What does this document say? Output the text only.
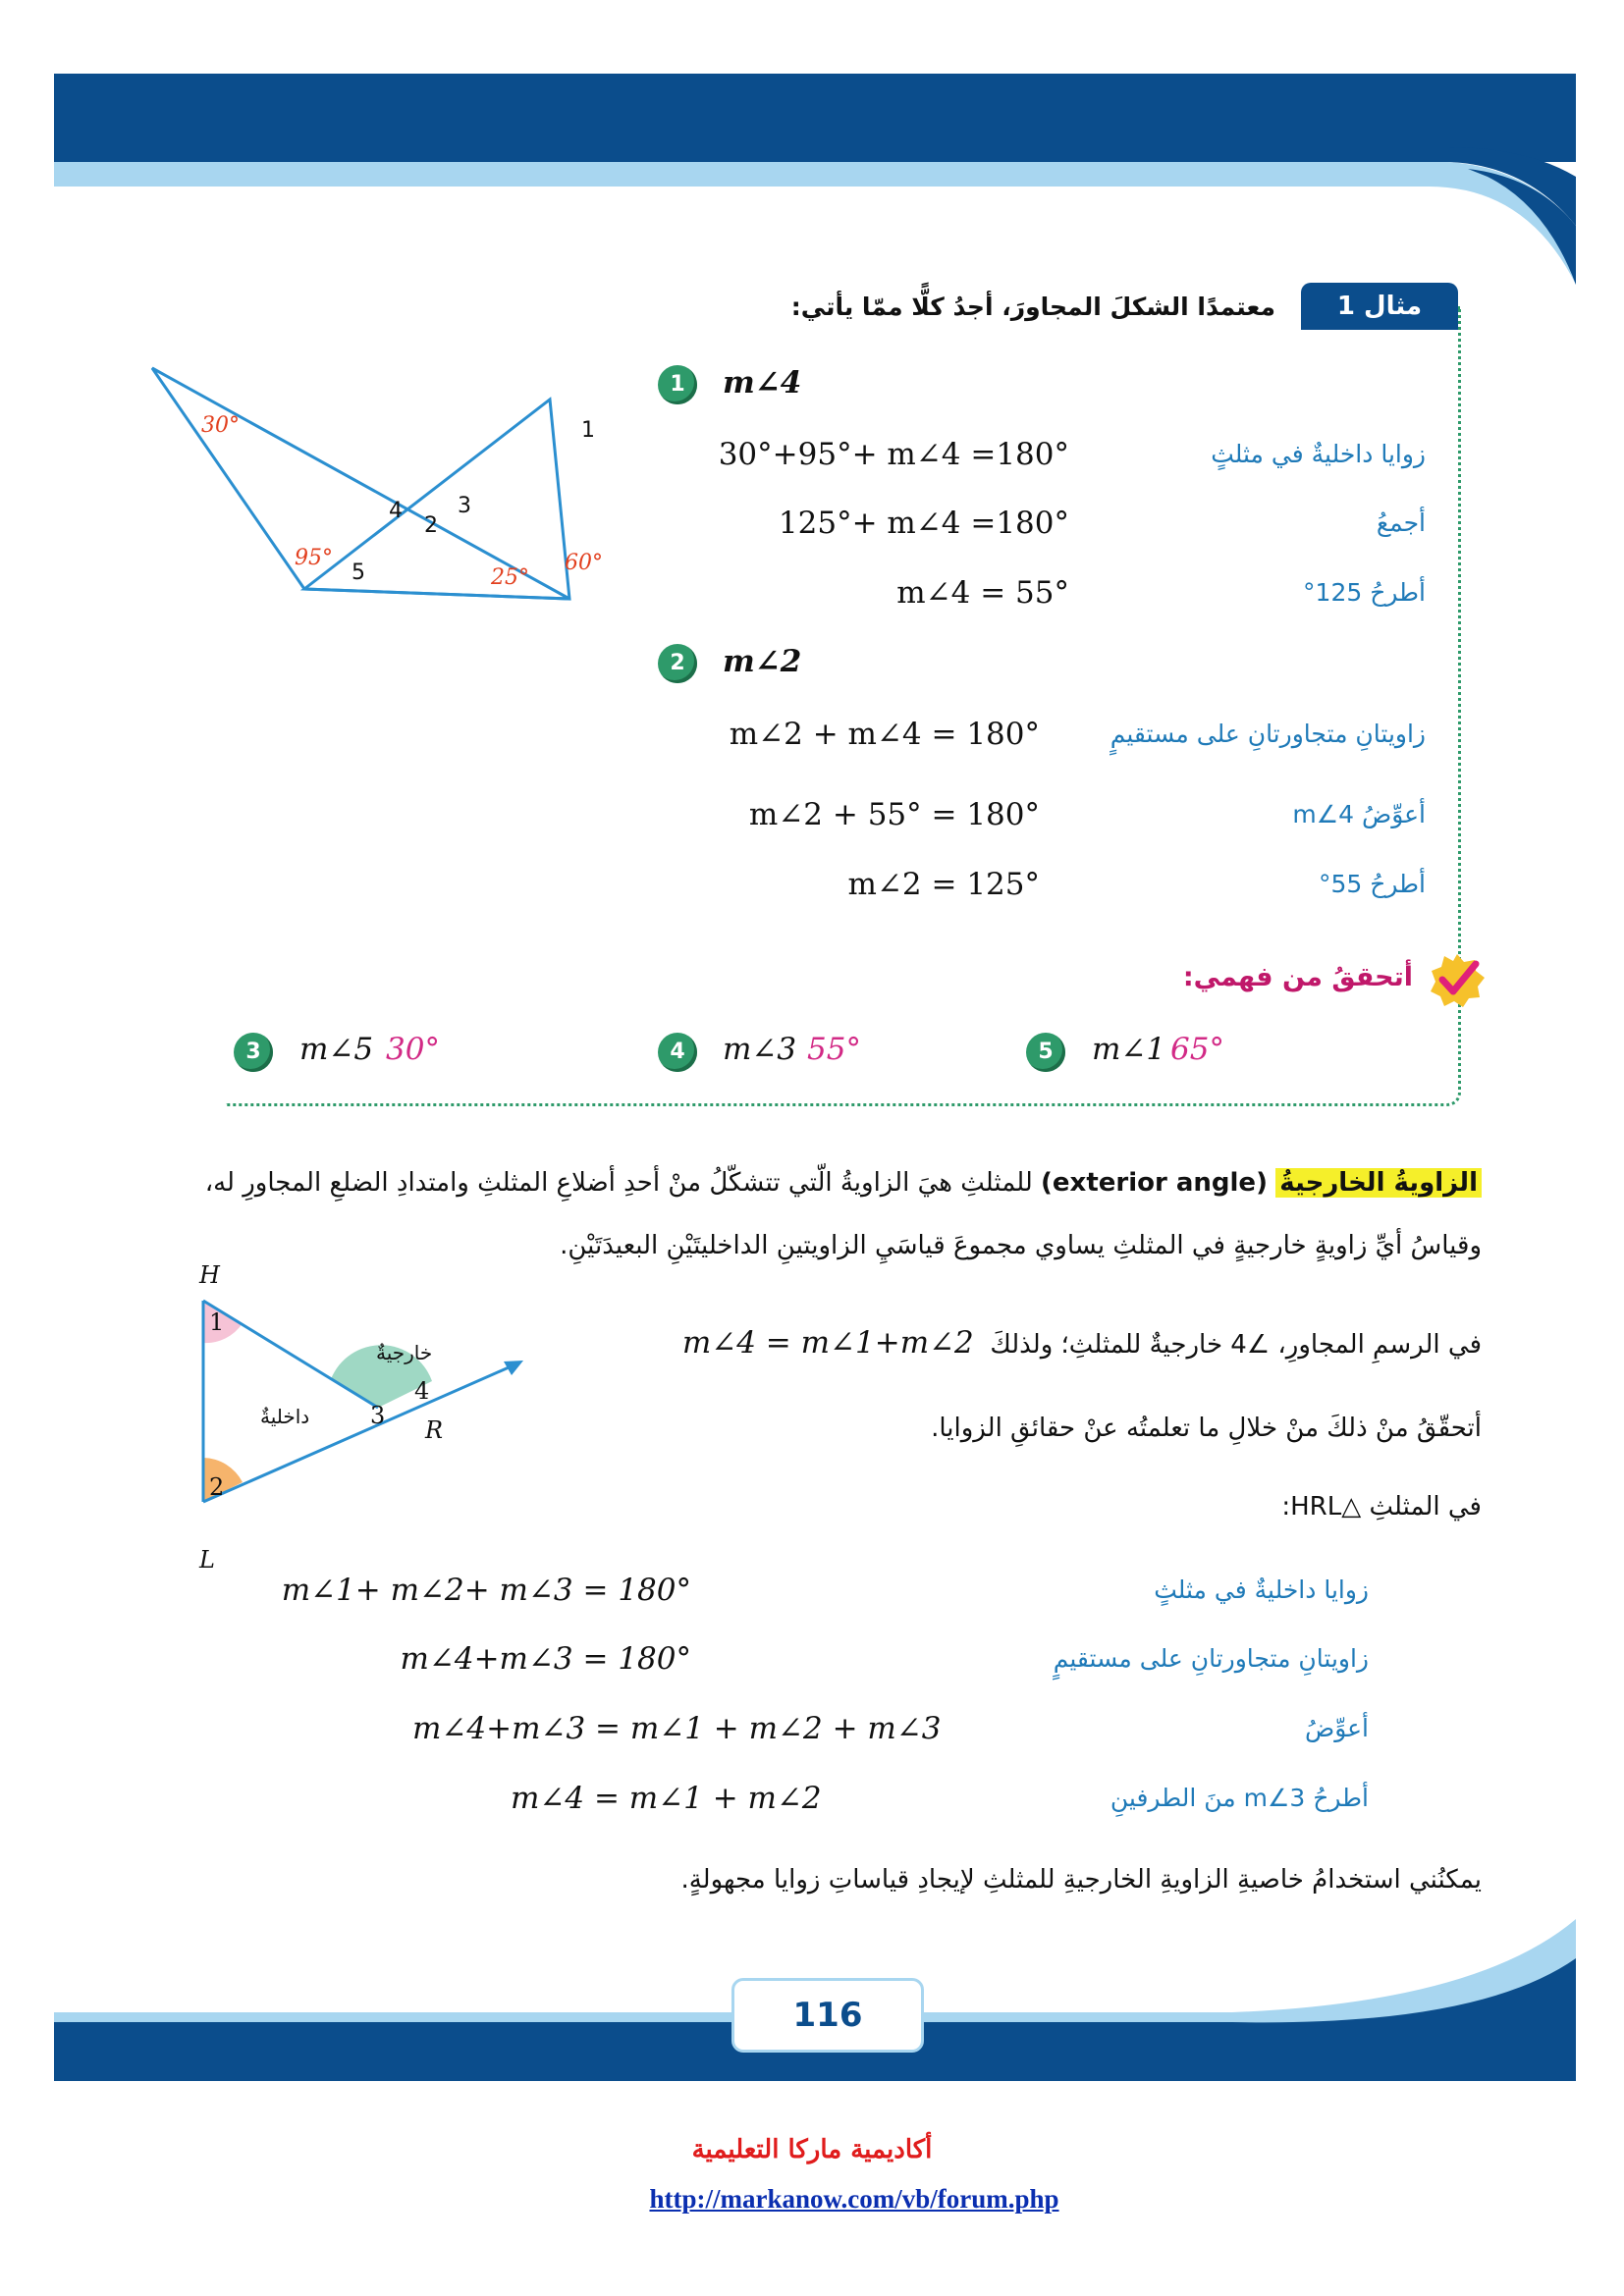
مثال 1
معتمدًا الشكلَ المجاورَ، أجدُ كلًّا ممّا يأتي:
1	m∠4
30°+95°+ m∠4 =180°	زوايا داخليةٌ في مثلثٍ
125°+ m∠4 =180°	أجمعُ
m∠4 = 55°	أطرحُ 125°
2	m∠2
m∠2 + m∠4 = 180°	زاويتانِ متجاورتانِ على مستقيمٍ
m∠2 + 55° = 180°	أعوِّضُ m∠4
m∠2 = 125°	أطرحُ 55°
30°
95°
25°
60°
1
2
3
4
5
أتحققُ من فهمي:
3	m∠5 30°	4	m∠3 55°	5	m∠1 65°
الزاويةُ الخارجيةُ (exterior angle) للمثلثِ هيَ الزاويةُ الّتي تتشكّلُ منْ أحدِ أضلاعِ المثلثِ وامتدادِ الضلعِ المجاورِ له،
وقياسُ أيِّ زاويةٍ خارجيةٍ في المثلثِ يساوي مجموعَ قياسَيِ الزاويتينِ الداخليتَيْنِ البعيدَتَيْنِ.
H
R
L
1
2
3
4
داخليةٌ
خارجيةٌ	في الرسمِ المجاورِ، ∠4 خارجيةٌ للمثلثِ؛ ولذلكَ  m∠4 = m∠1+m∠2
أتحقّقُ منْ ذلكَ منْ خلالِ ما تعلمتُه عنْ حقائقِ الزوايا.
في المثلثِ △HRL:
m∠1+ m∠2+ m∠3 = 180°	زوايا داخليةٌ في مثلثٍ
m∠4+m∠3 = 180°	زاويتانِ متجاورتانِ على مستقيمٍ
m∠4+m∠3 = m∠1 + m∠2 + m∠3	أعوِّضُ
m∠4 = m∠1 + m∠2	أطرحُ m∠3 منَ الطرفينِ
يمكنُني استخدامُ خاصيةِ الزاويةِ الخارجيةِ للمثلثِ لإيجادِ قياساتِ زوايا مجهولةٍ.
116
أكاديمية ماركا التعليمية
http://markanow.com/vb/forum.php
